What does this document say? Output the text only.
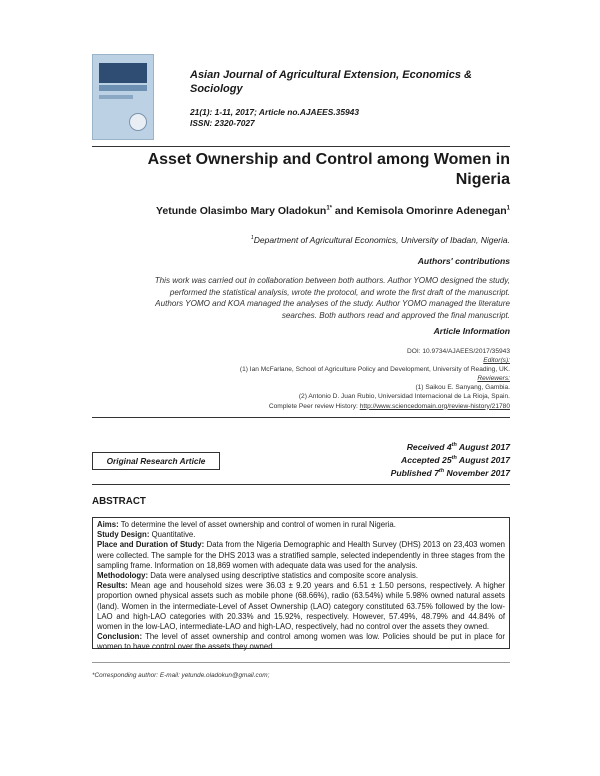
Asian Journal of Agricultural Extension, Economics &
Sociology
21(1): 1-11, 2017; Article no.AJAEES.35943
ISSN: 2320-7027
Asset Ownership and Control among Women in
Nigeria
Yetunde Olasimbo Mary Oladokun$^{1*}$ and Kemisola Omorinre Adenegan$^1$
$^1$Department of Agricultural Economics, University of Ibadan, Nigeria.
Authors' contributions
This work was carried out in collaboration between both authors. Author YOMO designed the study,
performed the statistical analysis, wrote the protocol, and wrote the first draft of the manuscript.
Authors YOMO and KOA managed the analyses of the study. Author YOMO managed the literature
searches. Both authors read and approved the final manuscript.
Article Information
DOI: 10.9734/AJAEES/2017/35943
Editor(s):
(1) Ian McFarlane, School of Agriculture Policy and Development, University of Reading, UK.
Reviewers:
(1) Saikou E. Sanyang, Gambia.
(2) Antonio D. Juan Rubio, Universidad Internacional de La Rioja, Spain.
Complete Peer review History: http://www.sciencedomain.org/review-history/21780
Received 4th August 2017
Accepted 25th August 2017
Published 7th November 2017
Original Research Article
ABSTRACT

Aims: To determine the level of asset ownership and control of women in rural Nigeria.

Study Design: Quantitative.

Place and Duration of Study: Data from the Nigeria Demographic and Health Survey (DHS) 2013 on 23,403 women were collected. The sample for the DHS 2013 was a stratified sample, selected independently in three stages from the sampling frame. Information on 18,869 women with adequate data was used for the analysis.

Methodology: Data were analysed using descriptive statistics and composite score analysis.

Results: Mean age and household sizes were 36.03 ± 9.20 years and 6.51 ± 1.50 persons, respectively. A higher proportion owned physical assets such as mobile phone (68.66%), radio (63.54%) while 5.98% owned natural assets (land). Women in the intermediate-Level of Asset Ownership (LAO) category constituted 63.75% followed by the low-LAO and high-LAO categories with 20.33% and 15.92%, respectively. However, 57.49%, 48.79% and 44.84% of women in the low-LAO, intermediate-LAO and high-LAO, respectively, had no control over the assets they owned.

Conclusion: The level of asset ownership and control among women was low. Policies should be put in place for women to have control over the assets they owned.

*Corresponding author: E-mail: yetunde.oladokun@gmail.com;
